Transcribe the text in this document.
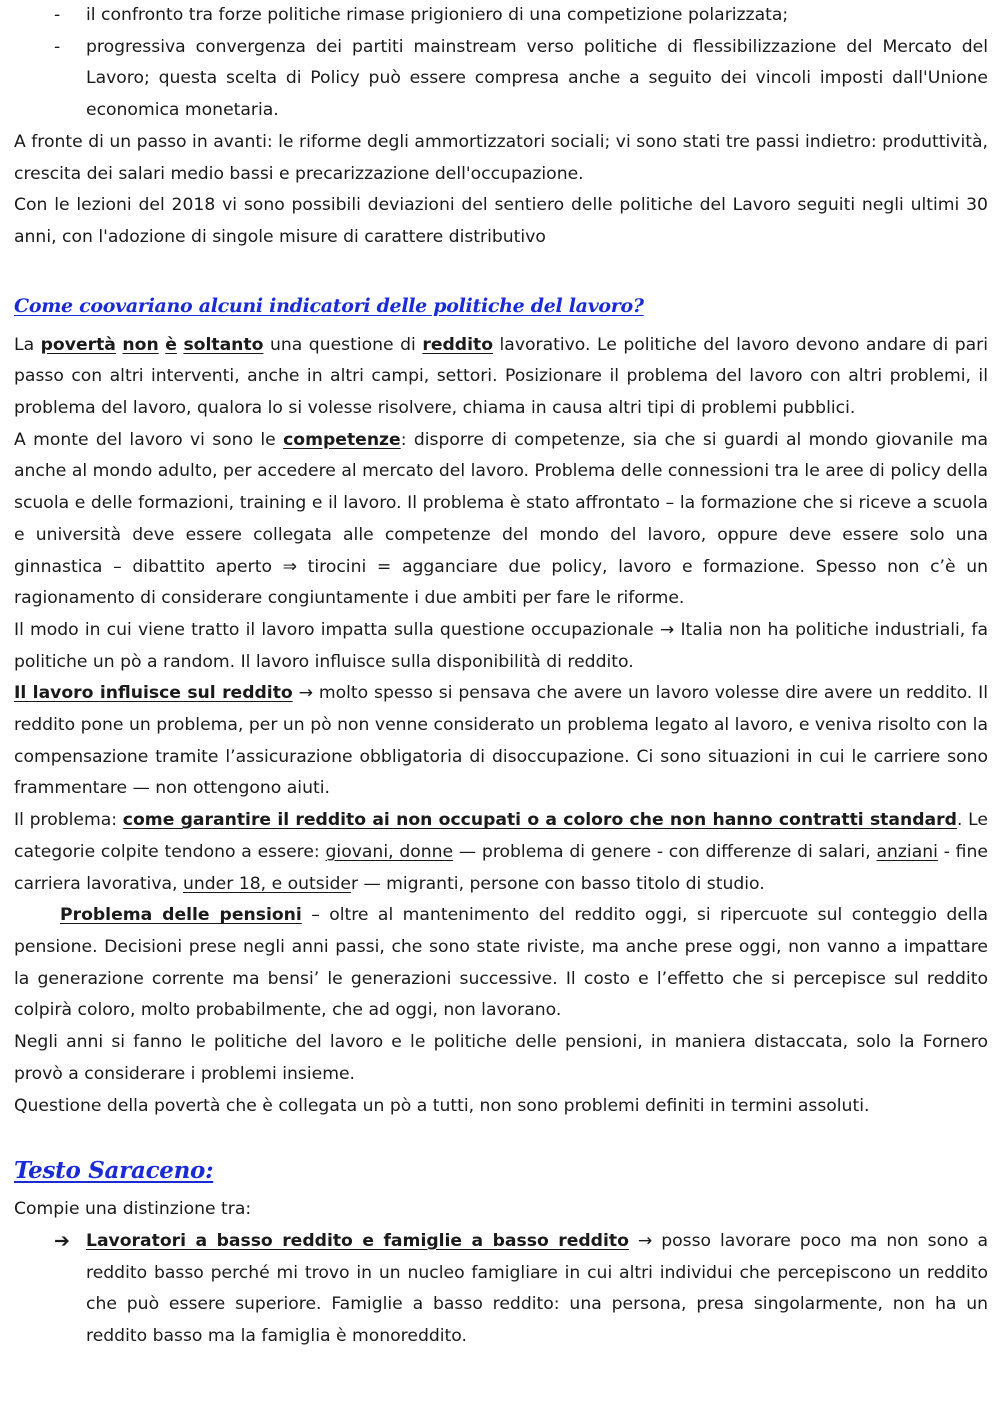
- il confronto tra forze politiche rimase prigioniero di una competizione polarizzata;
- progressiva convergenza dei partiti mainstream verso politiche di flessibilizzazione del Mercato del Lavoro; questa scelta di Policy può essere compresa anche a seguito dei vincoli imposti dall'Unione economica monetaria.

A fronte di un passo in avanti: le riforme degli ammortizzatori sociali; vi sono stati tre passi indietro: produttività, crescita dei salari medio bassi e precarizzazione dell'occupazione.

Con le lezioni del 2018 vi sono possibili deviazioni del sentiero delle politiche del Lavoro seguiti negli ultimi 30 anni, con l'adozione di singole misure di carattere distributivo

Come coovariano alcuni indicatori delle politiche del lavoro?

La povertà non è soltanto una questione di reddito lavorativo. Le politiche del lavoro devono andare di pari passo con altri interventi, anche in altri campi, settori. Posizionare il problema del lavoro con altri problemi, il problema del lavoro, qualora lo si volesse risolvere, chiama in causa altri tipi di problemi pubblici.

A monte del lavoro vi sono le competenze: disporre di competenze, sia che si guardi al mondo giovanile ma anche al mondo adulto, per accedere al mercato del lavoro. Problema delle connessioni tra le aree di policy della scuola e delle formazioni, training e il lavoro. Il problema è stato affrontato – la formazione che si riceve a scuola e università deve essere collegata alle competenze del mondo del lavoro, oppure deve essere solo una ginnastica – dibattito aperto ⇒ tirocini = agganciare due policy, lavoro e formazione. Spesso non c’è un ragionamento di considerare congiuntamente i due ambiti per fare le riforme.

Il modo in cui viene tratto il lavoro impatta sulla questione occupazionale → Italia non ha politiche industriali, fa politiche un pò a random. Il lavoro influisce sulla disponibilità di reddito.

Il lavoro influisce sul reddito → molto spesso si pensava che avere un lavoro volesse dire avere un reddito. Il reddito pone un problema, per un pò non venne considerato un problema legato al lavoro, e veniva risolto con la compensazione tramite l’assicurazione obbligatoria di disoccupazione. Ci sono situazioni in cui le carriere sono frammentare — non ottengono aiuti.

Il problema: come garantire il reddito ai non occupati o a coloro che non hanno contratti standard. Le categorie colpite tendono a essere: giovani, donne — problema di genere - con differenze di salari, anziani - fine carriera lavorativa, under 18, e outsider — migranti, persone con basso titolo di studio.

Problema delle pensioni – oltre al mantenimento del reddito oggi, si ripercuote sul conteggio della pensione. Decisioni prese negli anni passi, che sono state riviste, ma anche prese oggi, non vanno a impattare la generazione corrente ma bensi’ le generazioni successive. Il costo e l’effetto che si percepisce sul reddito colpirà coloro, molto probabilmente, che ad oggi, non lavorano.

Negli anni si fanno le politiche del lavoro e le politiche delle pensioni, in maniera distaccata, solo la Fornero provò a considerare i problemi insieme.

Questione della povertà che è collegata un pò a tutti, non sono problemi definiti in termini assoluti.

Testo Saraceno:

Compie una distinzione tra:

➔ Lavoratori a basso reddito e famiglie a basso reddito → posso lavorare poco ma non sono a reddito basso perché mi trovo in un nucleo famigliare in cui altri individui che percepiscono un reddito che può essere superiore. Famiglie a basso reddito: una persona, presa singolarmente, non ha un reddito basso ma la famiglia è monoreddito.
